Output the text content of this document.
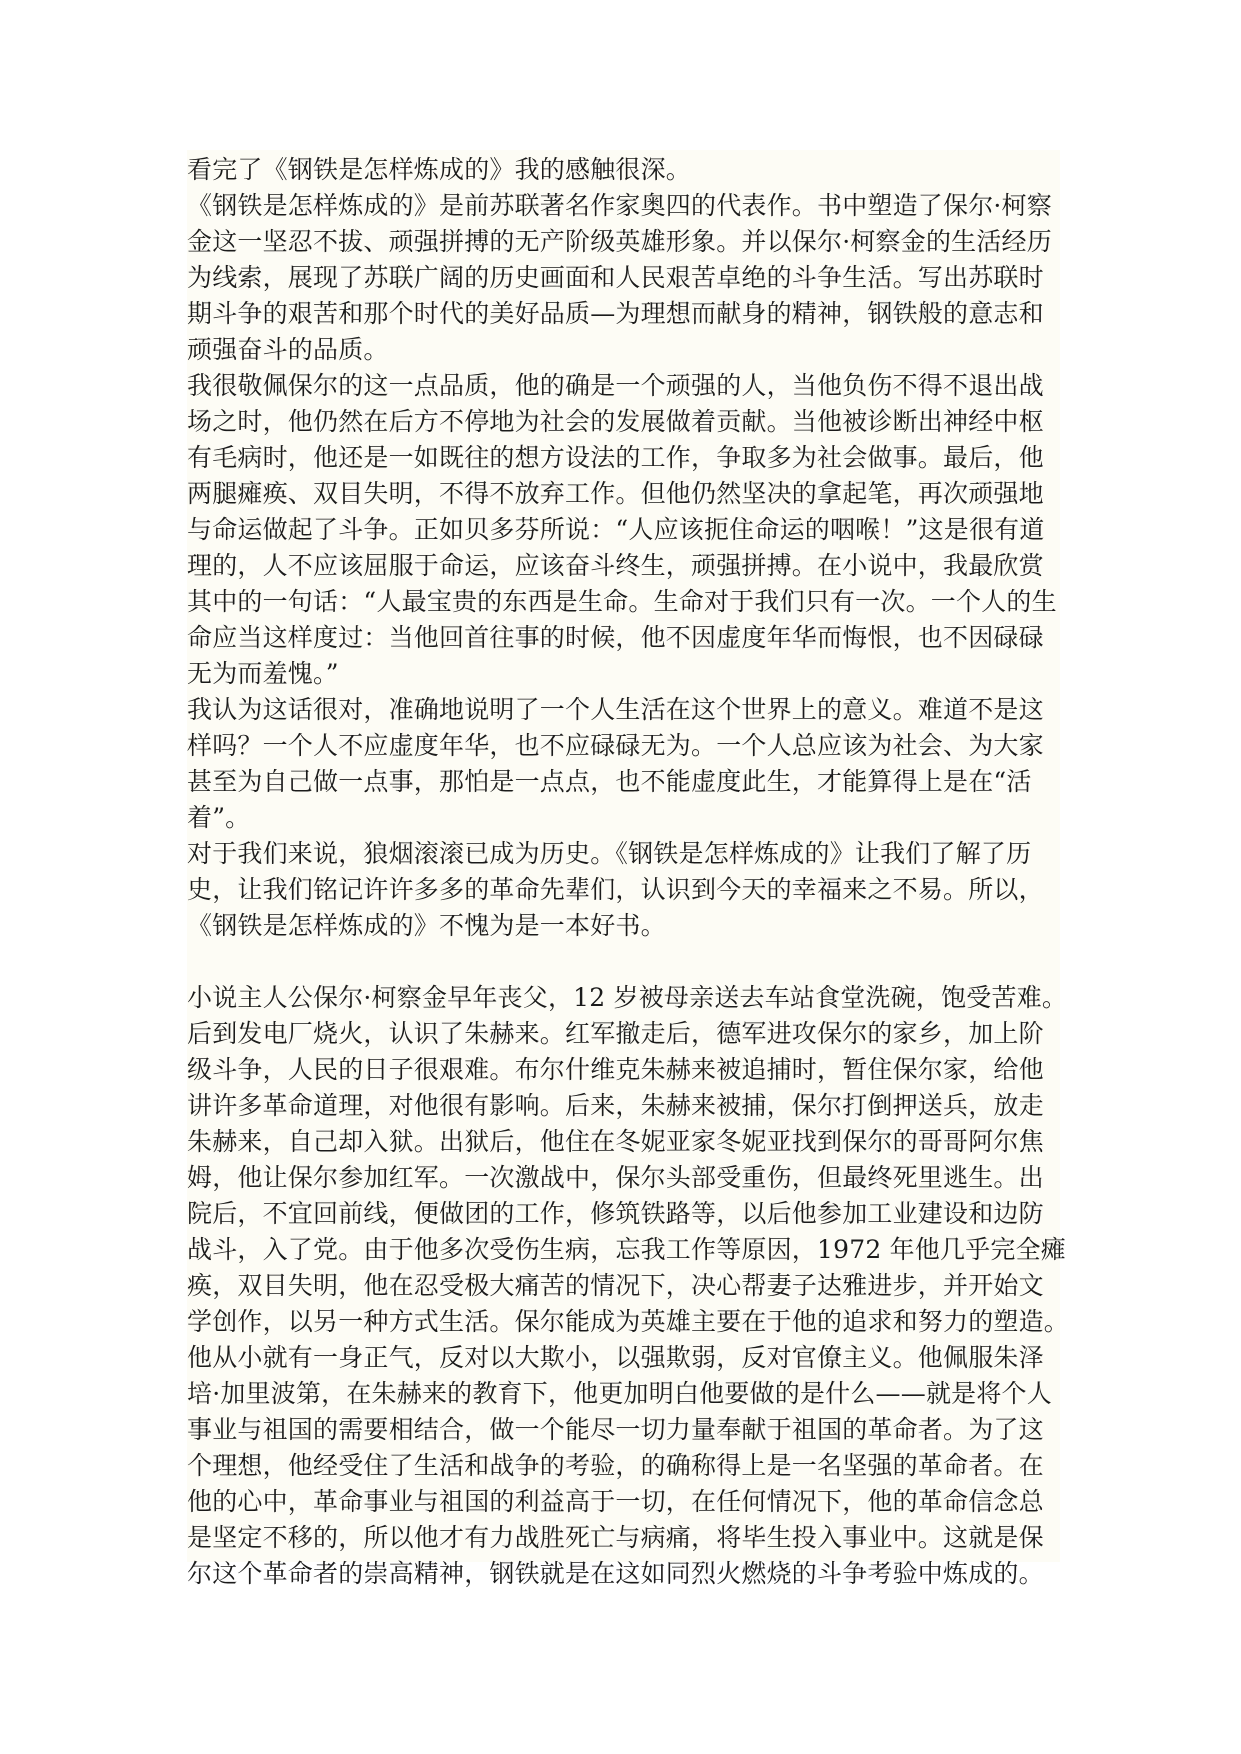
看完了《钢铁是怎样炼成的》我的感触很深。
《钢铁是怎样炼成的》是前苏联著名作家奥四的代表作。书中塑造了保尔·柯察
金这一坚忍不拔、顽强拼搏的无产阶级英雄形象。并以保尔·柯察金的生活经历
为线索，展现了苏联广阔的历史画面和人民艰苦卓绝的斗争生活。写出苏联时
期斗争的艰苦和那个时代的美好品质—为理想而献身的精神，钢铁般的意志和
顽强奋斗的品质。
我很敬佩保尔的这一点品质，他的确是一个顽强的人，当他负伤不得不退出战
场之时，他仍然在后方不停地为社会的发展做着贡献。当他被诊断出神经中枢
有毛病时，他还是一如既往的想方设法的工作，争取多为社会做事。最后，他
两腿瘫痪、双目失明，不得不放弃工作。但他仍然坚决的拿起笔，再次顽强地
与命运做起了斗争。正如贝多芬所说：“人应该扼住命运的咽喉！”这是很有道
理的，人不应该屈服于命运，应该奋斗终生，顽强拼搏。在小说中，我最欣赏
其中的一句话：“人最宝贵的东西是生命。生命对于我们只有一次。一个人的生
命应当这样度过：当他回首往事的时候，他不因虚度年华而悔恨，也不因碌碌
无为而羞愧。”
我认为这话很对，准确地说明了一个人生活在这个世界上的意义。难道不是这
样吗？一个人不应虚度年华，也不应碌碌无为。一个人总应该为社会、为大家
甚至为自己做一点事，那怕是一点点，也不能虚度此生，才能算得上是在“活
着”。
对于我们来说，狼烟滚滚已成为历史。《钢铁是怎样炼成的》让我们了解了历
史，让我们铭记许许多多的革命先辈们，认识到今天的幸福来之不易。所以，
《钢铁是怎样炼成的》不愧为是一本好书。
小说主人公保尔·柯察金早年丧父，12 岁被母亲送去车站食堂洗碗，饱受苦难。
后到发电厂烧火，认识了朱赫来。红军撤走后，德军进攻保尔的家乡，加上阶
级斗争，人民的日子很艰难。布尔什维克朱赫来被追捕时，暂住保尔家，给他
讲许多革命道理，对他很有影响。后来，朱赫来被捕，保尔打倒押送兵，放走
朱赫来，自己却入狱。出狱后，他住在冬妮亚家冬妮亚找到保尔的哥哥阿尔焦
姆，他让保尔参加红军。一次激战中，保尔头部受重伤，但最终死里逃生。出
院后，不宜回前线，便做团的工作，修筑铁路等，以后他参加工业建设和边防
战斗，入了党。由于他多次受伤生病，忘我工作等原因，1972 年他几乎完全瘫
痪，双目失明，他在忍受极大痛苦的情况下，决心帮妻子达雅进步，并开始文
学创作，以另一种方式生活。保尔能成为英雄主要在于他的追求和努力的塑造。
他从小就有一身正气，反对以大欺小，以强欺弱，反对官僚主义。他佩服朱泽
培·加里波第，在朱赫来的教育下，他更加明白他要做的是什么——就是将个人
事业与祖国的需要相结合，做一个能尽一切力量奉献于祖国的革命者。为了这
个理想，他经受住了生活和战争的考验，的确称得上是一名坚强的革命者。在
他的心中，革命事业与祖国的利益高于一切，在任何情况下，他的革命信念总
是坚定不移的，所以他才有力战胜死亡与病痛，将毕生投入事业中。这就是保
尔这个革命者的崇高精神，钢铁就是在这如同烈火燃烧的斗争考验中炼成的。
